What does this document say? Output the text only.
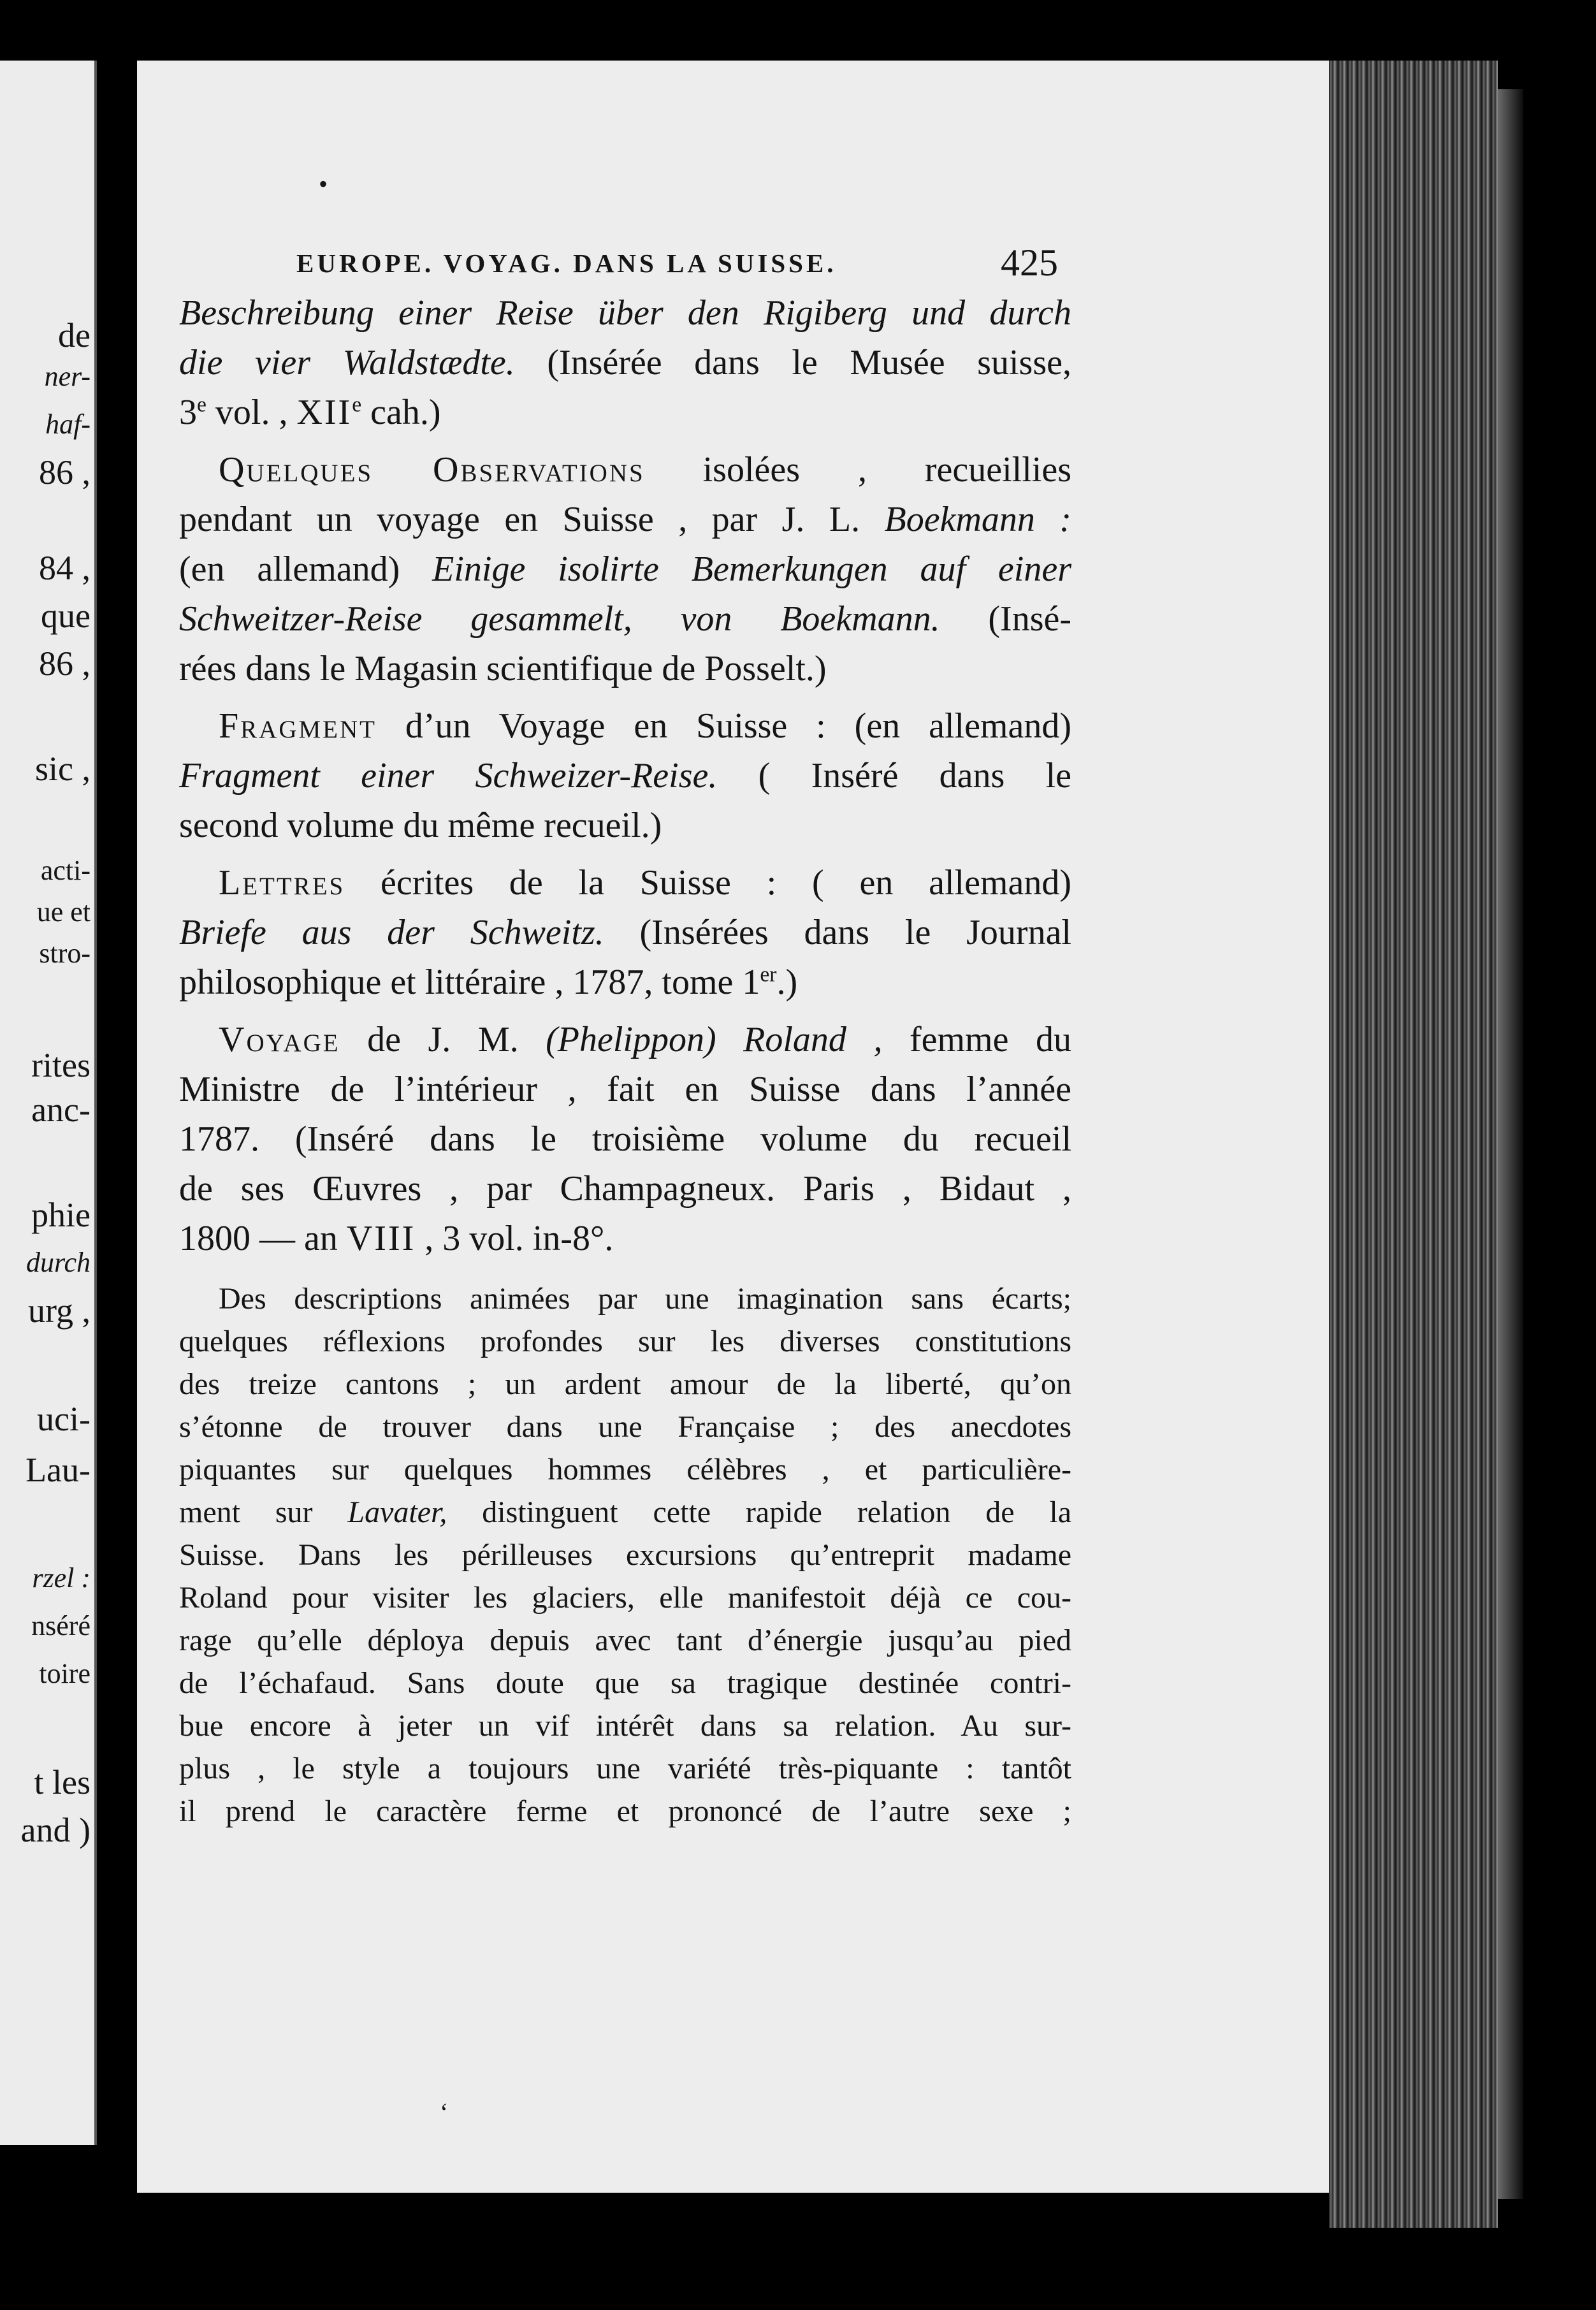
de
ner-
haf-
86 ,
84 ,
que
86 ,
sic ,
acti-
ue et
stro-
rites
anc-
phie
durch
urg ,
uci-
Lau-
rzel :
nséré
toire
t les
and )
•
EUROPE. VOYAG. DANS LA SUISSE.	425
Beschreibung einer Reise über den Rigiberg und durch
die vier Waldstædte. (Insérée dans le Musée suisse,
3e vol. , XIIe cah.)
Quelques Observations isolées , recueillies
pendant un voyage en Suisse , par J. L. Boekmann :
(en allemand) Einige isolirte Bemerkungen auf einer
Schweitzer-Reise gesammelt, von Boekmann. (Insé-
rées dans le Magasin scientifique de Posselt.)
Fragment d’un Voyage en Suisse : (en allemand)
Fragment einer Schweizer-Reise. ( Inséré dans le
second volume du même recueil.)
Lettres écrites de la Suisse : ( en allemand)
Briefe aus der Schweitz. (Insérées dans le Journal
philosophique et littéraire , 1787, tome 1er.)
Voyage de J. M. (Phelippon) Roland , femme du
Ministre de l’intérieur , fait en Suisse dans l’année
1787. (Inséré dans le troisième volume du recueil
de ses Œuvres , par Champagneux. Paris , Bidaut ,
1800 — an VIII , 3 vol. in-8°.
Des descriptions animées par une imagination sans écarts;
quelques réflexions profondes sur les diverses constitutions
des treize cantons ; un ardent amour de la liberté, qu’on
s’étonne de trouver dans une Française ; des anecdotes
piquantes sur quelques hommes célèbres , et particulière-
ment sur Lavater, distinguent cette rapide relation de la
Suisse. Dans les périlleuses excursions qu’entreprit madame
Roland pour visiter les glaciers, elle manifestoit déjà ce cou-
rage qu’elle déploya depuis avec tant d’énergie jusqu’au pied
de l’échafaud. Sans doute que sa tragique destinée contri-
bue encore à jeter un vif intérêt dans sa relation. Au sur-
plus , le style a toujours une variété très-piquante : tantôt
il prend le caractère ferme et prononcé de l’autre sexe ;
‘
